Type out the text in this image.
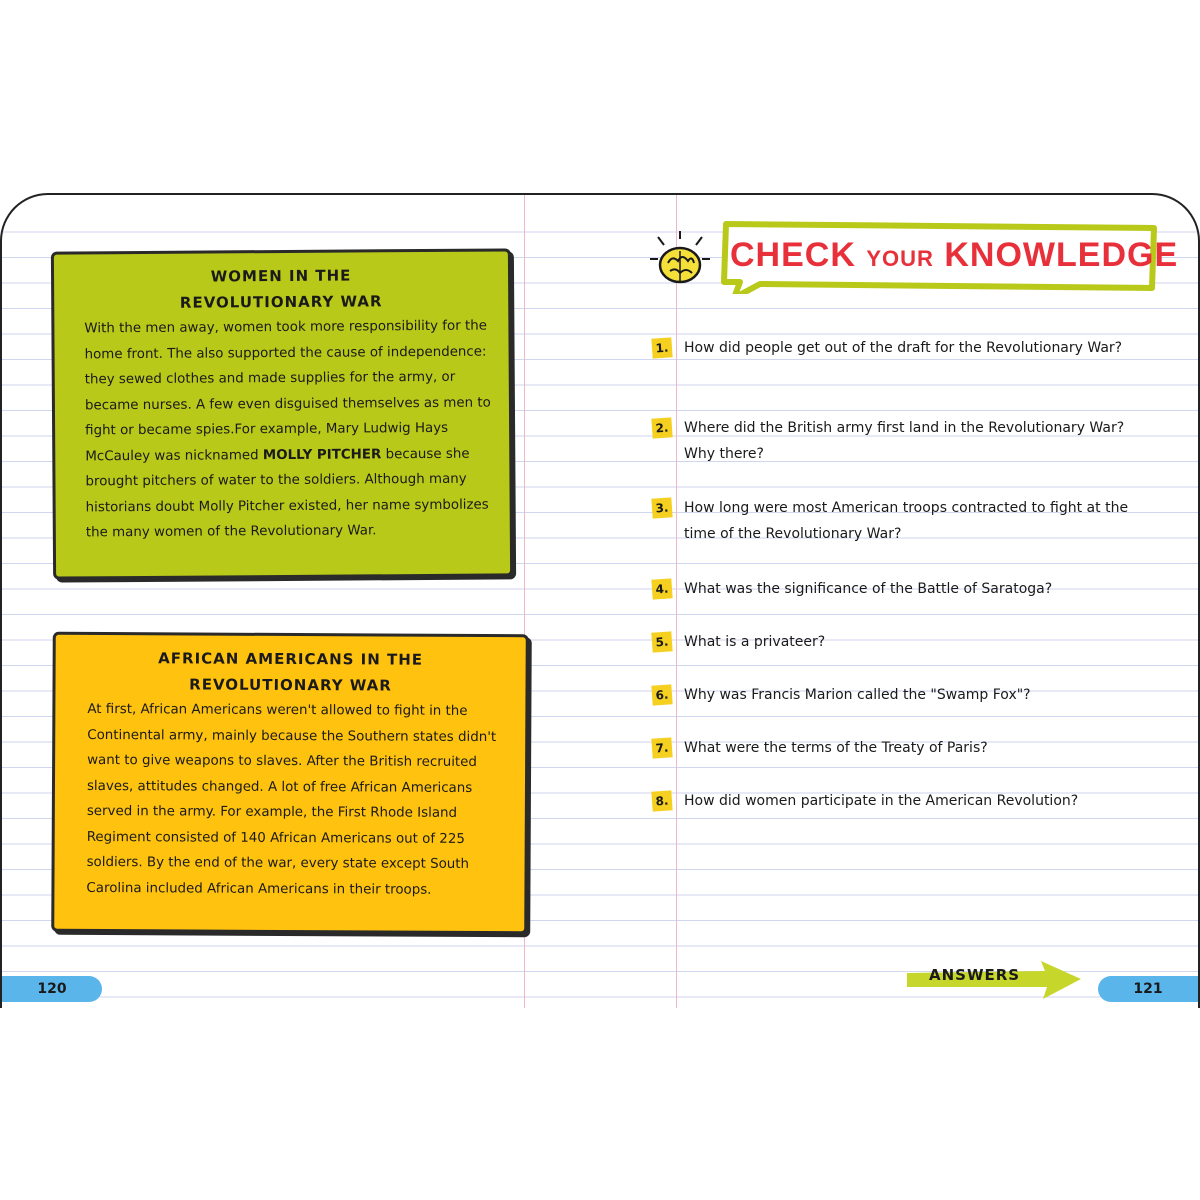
WOMEN IN THE
REVOLUTIONARY WAR
With the men away, women took more responsibility for the home front. The also supported the cause of independence: they sewed clothes and made supplies for the army, or became nurses. A few even disguised themselves as men to fight or became spies.For example, Mary Ludwig Hays McCauley was nicknamed MOLLY PITCHER because she brought pitchers of water to the soldiers. Although many historians doubt Molly Pitcher existed, her name symbolizes the many women of the Revolutionary War.
AFRICAN AMERICANS IN THE
REVOLUTIONARY WAR
At first, African Americans weren't allowed to fight in the Continental army, mainly because the Southern states didn't want to give weapons to slaves. After the British recruited slaves, attitudes changed. A lot of free African Americans served in the army. For example, the First Rhode Island Regiment consisted of 140 African Americans out of 225 soldiers. By the end of the war, every state except South Carolina included African Americans in their troops.
120
CHECK YOUR KNOWLEDGE
1. How did people get out of the draft for the Revolutionary War?
2. Where did the British army first land in the Revolutionary War? Why there?
3. How long were most American troops contracted to fight at the time of the Revolutionary War?
4. What was the significance of the Battle of Saratoga?
5. What is a privateer?
6. Why was Francis Marion called the "Swamp Fox"?
7. What were the terms of the Treaty of Paris?
8. How did women participate in the American Revolution?
ANSWERS
121
